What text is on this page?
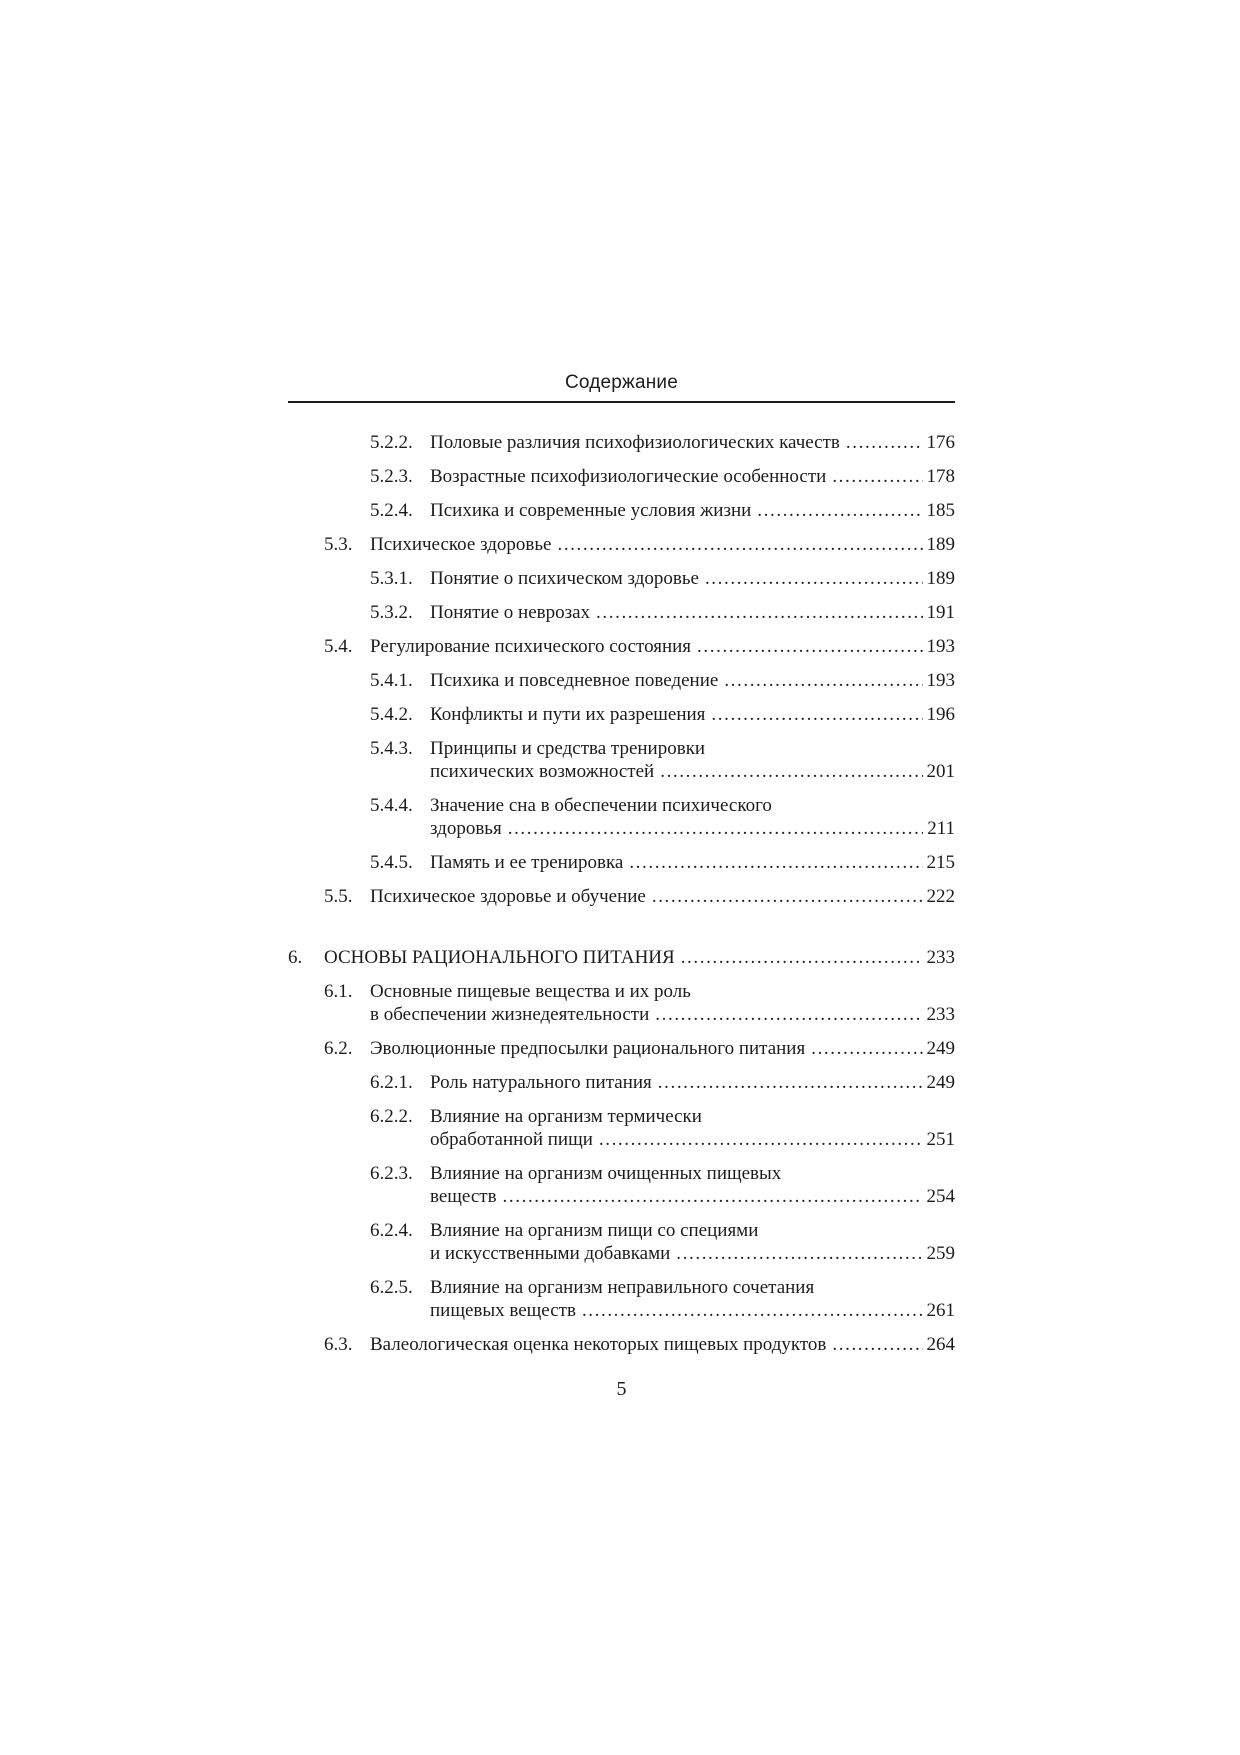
Содержание
5.2.2. Половые различия психофизиологических качеств .....	176
5.2.3. Возрастные психофизиологические особенности .....	178
5.2.4. Психика и современные условия жизни .....	185
5.3. Психическое здоровье .....	189
5.3.1. Понятие о психическом здоровье .....	189
5.3.2. Понятие о неврозах .....	191
5.4. Регулирование психического состояния .....	193
5.4.1. Психика и повседневное поведение .....	193
5.4.2. Конфликты и пути их разрешения .....	196
5.4.3. Принципы и средства тренировки
психических возможностей .....	201
5.4.4. Значение сна в обеспечении психического
здоровья .....	211
5.4.5. Память и ее тренировка .....	215
5.5. Психическое здоровье и обучение .....	222
6. ОСНОВЫ РАЦИОНАЛЬНОГО ПИТАНИЯ .....	233
6.1. Основные пищевые вещества и их роль
в обеспечении жизнедеятельности .....	233
6.2. Эволюционные предпосылки рационального питания .....	249
6.2.1. Роль натурального питания .....	249
6.2.2. Влияние на организм термически
обработанной пищи .....	251
6.2.3. Влияние на организм очищенных пищевых
веществ .....	254
6.2.4. Влияние на организм пищи со специями
и искусственными добавками .....	259
6.2.5. Влияние на организм неправильного сочетания
пищевых веществ .....	261
6.3. Валеологическая оценка некоторых пищевых продуктов .....	264
5
